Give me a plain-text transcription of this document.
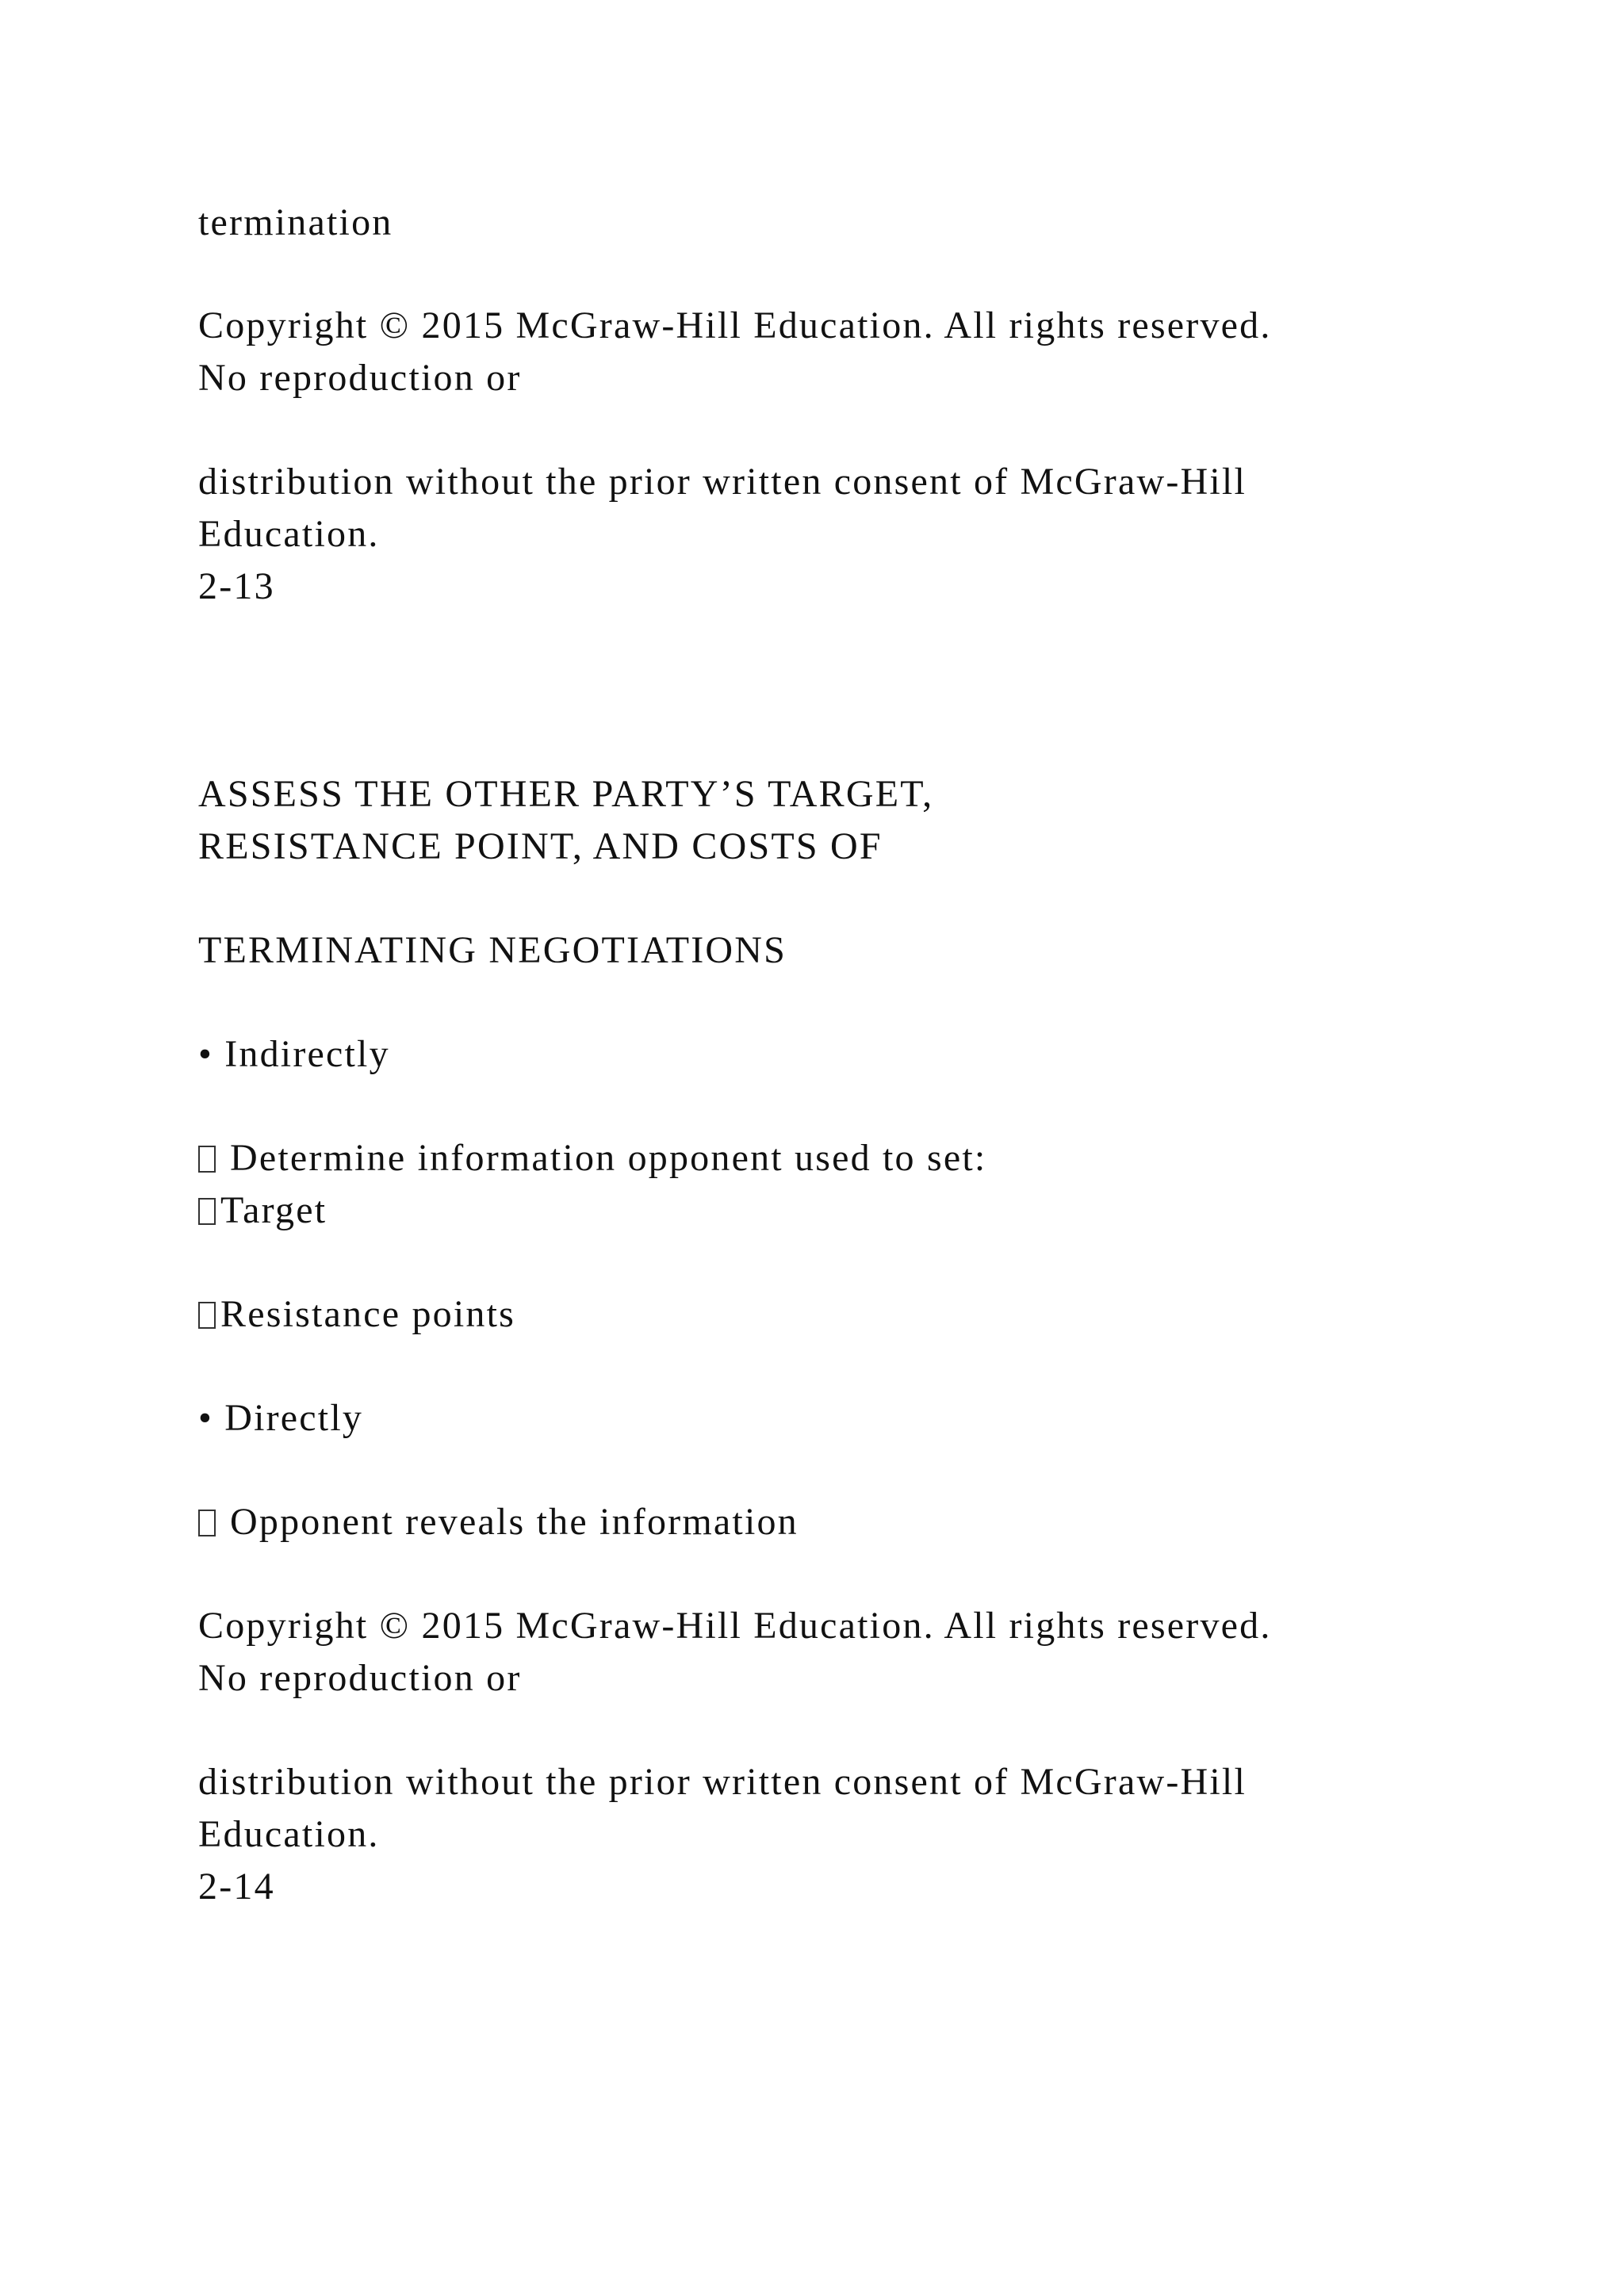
termination

Copyright © 2015 McGraw-Hill Education. All rights reserved.

No reproduction or

distribution without the prior written consent of McGraw-Hill

Education.

2-13

ASSESS THE OTHER PARTY’S TARGET,

RESISTANCE POINT, AND COSTS OF

TERMINATING NEGOTIATIONS

• Indirectly

Determine information opponent used to set:

Target

Resistance points

• Directly

Opponent reveals the information

Copyright © 2015 McGraw-Hill Education. All rights reserved.

No reproduction or

distribution without the prior written consent of McGraw-Hill

Education.

2-14
